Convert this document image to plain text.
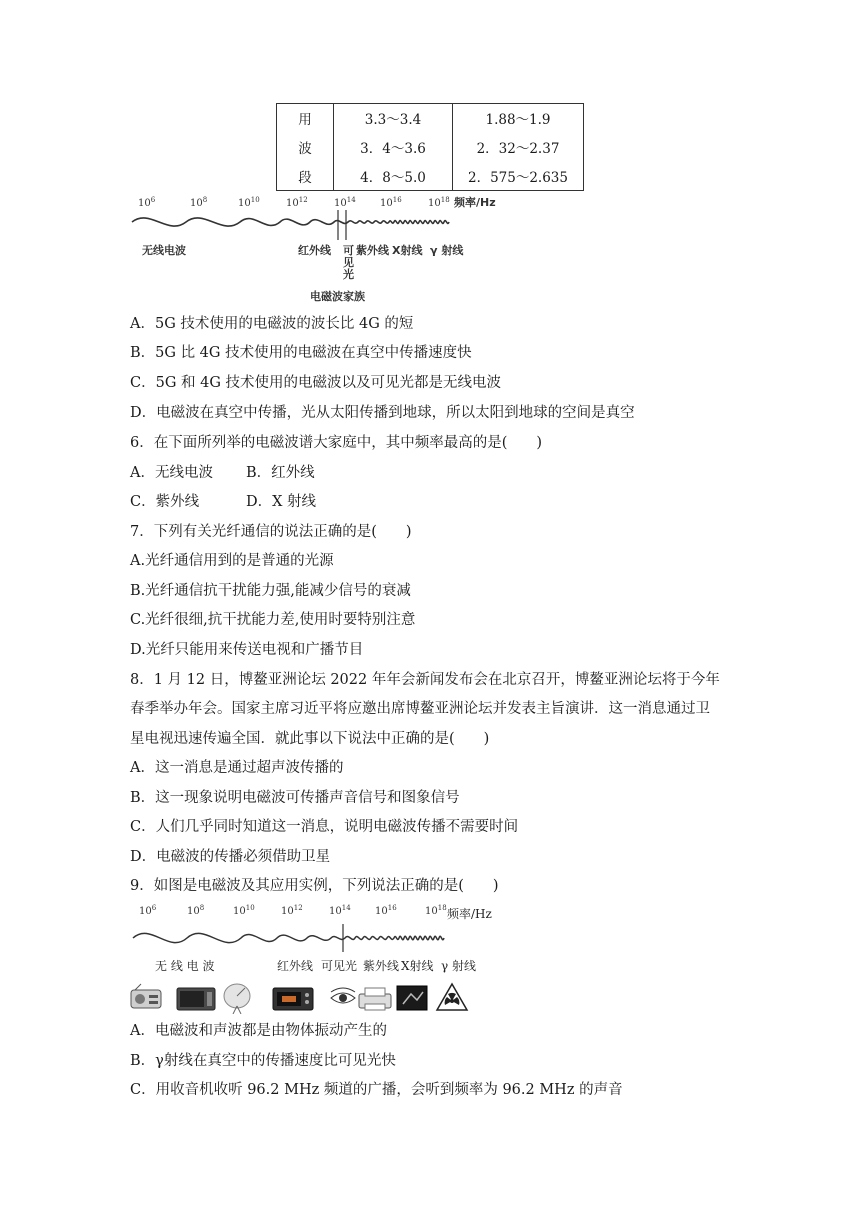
用	3.3～3.4	1.88～1.9
波	3．4～3.6	2．32～2.37
段	4．8～5.0	2．575～2.635
$10^6$	$10^8$	$10^{10}$	$10^{12}$	$10^{14}$ $10^{16}$	$10^{18}$ 频率/Hz
无线电波	红外线 可
见
光
紫外线 X射线 γ 射线
电磁波家族
A．5G 技术使用的电磁波的波长比 4G 的短
B．5G 比 4G 技术使用的电磁波在真空中传播速度快
C．5G 和 4G 技术使用的电磁波以及可见光都是无线电波
D．电磁波在真空中传播，光从太阳传播到地球，所以太阳到地球的空间是真空
6．在下面所列举的电磁波谱大家庭中，其中频率最高的是(　　)
A．无线电波 B．红外线
C．紫外线	D．X 射线
7．下列有关光纤通信的说法正确的是(　　)
A.光纤通信用到的是普通的光源
B.光纤通信抗干扰能力强,能减少信号的衰减
C.光纤很细,抗干扰能力差,使用时要特别注意
D.光纤只能用来传送电视和广播节目
8．1 月 12 日，博鳌亚洲论坛 2022 年年会新闻发布会在北京召开，博鳌亚洲论坛将于今年
春季举办年会。国家主席习近平将应邀出席博鳌亚洲论坛并发表主旨演讲．这一消息通过卫
星电视迅速传遍全国．就此事以下说法中正确的是(　　)
A．这一消息是通过超声波传播的
B．这一现象说明电磁波可传播声音信号和图象信号
C．人们几乎同时知道这一消息，说明电磁波传播不需要时间
D．电磁波的传播必须借助卫星
9．如图是电磁波及其应用实例，下列说法正确的是(　　)
$10^6$	$10^8$	$10^{10}$	$10^{12}$	$10^{14}$ $10^{16}$	$10^{18}$ 频率/Hz
无 线 电 波	红外线 可见光 紫外线 X射线 γ 射线
A．电磁波和声波都是由物体振动产生的
B．γ射线在真空中的传播速度比可见光快
C．用收音机收听 96.2 MHz 频道的广播，会听到频率为 96.2 MHz 的声音
